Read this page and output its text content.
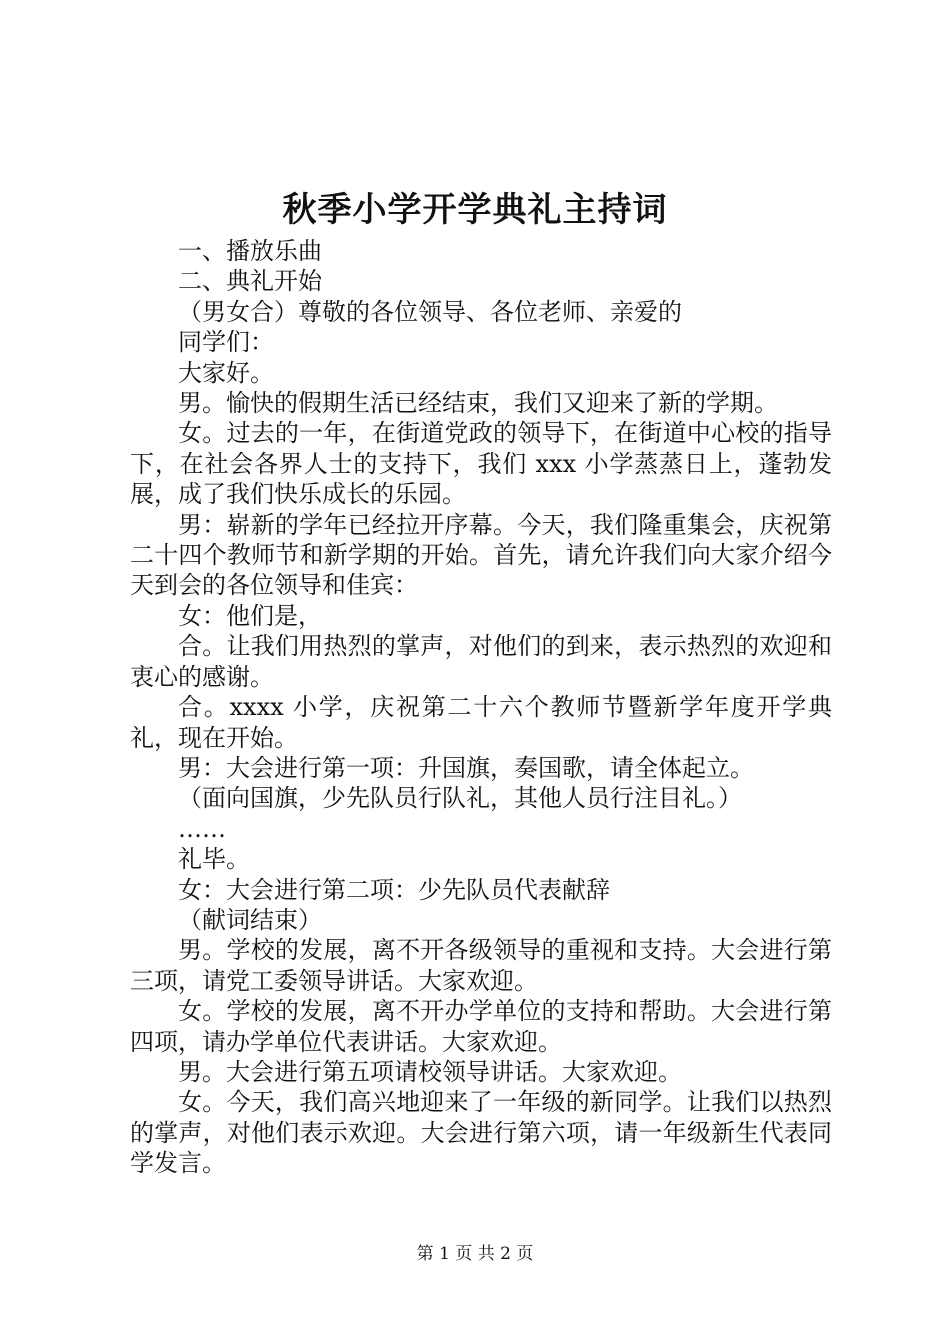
秋季小学开学典礼主持词

一、播放乐曲

二、典礼开始

（男女合）尊敬的各位领导、各位老师、亲爱的

同学们：

大家好。

男。愉快的假期生活已经结束，我们又迎来了新的学期。

女。过去的一年，在街道党政的领导下，在街道中心校的指导下，在社会各界人士的支持下，我们 xxx 小学蒸蒸日上，蓬勃发展，成了我们快乐成长的乐园。

男：崭新的学年已经拉开序幕。今天，我们隆重集会，庆祝第二十四个教师节和新学期的开始。首先，请允许我们向大家介绍今天到会的各位领导和佳宾：

女：他们是，

合。让我们用热烈的掌声，对他们的到来，表示热烈的欢迎和衷心的感谢。

合。xxxx 小学，庆祝第二十六个教师节暨新学年度开学典礼，现在开始。

男：大会进行第一项：升国旗，奏国歌，请全体起立。

（面向国旗，少先队员行队礼，其他人员行注目礼。）

……

礼毕。

女：大会进行第二项：少先队员代表献辞

（献词结束）

男。学校的发展，离不开各级领导的重视和支持。大会进行第三项，请党工委领导讲话。大家欢迎。

女。学校的发展，离不开办学单位的支持和帮助。大会进行第四项，请办学单位代表讲话。大家欢迎。

男。大会进行第五项请校领导讲话。大家欢迎。

女。今天，我们高兴地迎来了一年级的新同学。让我们以热烈的掌声，对他们表示欢迎。大会进行第六项，请一年级新生代表同学发言。

第 1 页 共 2 页
